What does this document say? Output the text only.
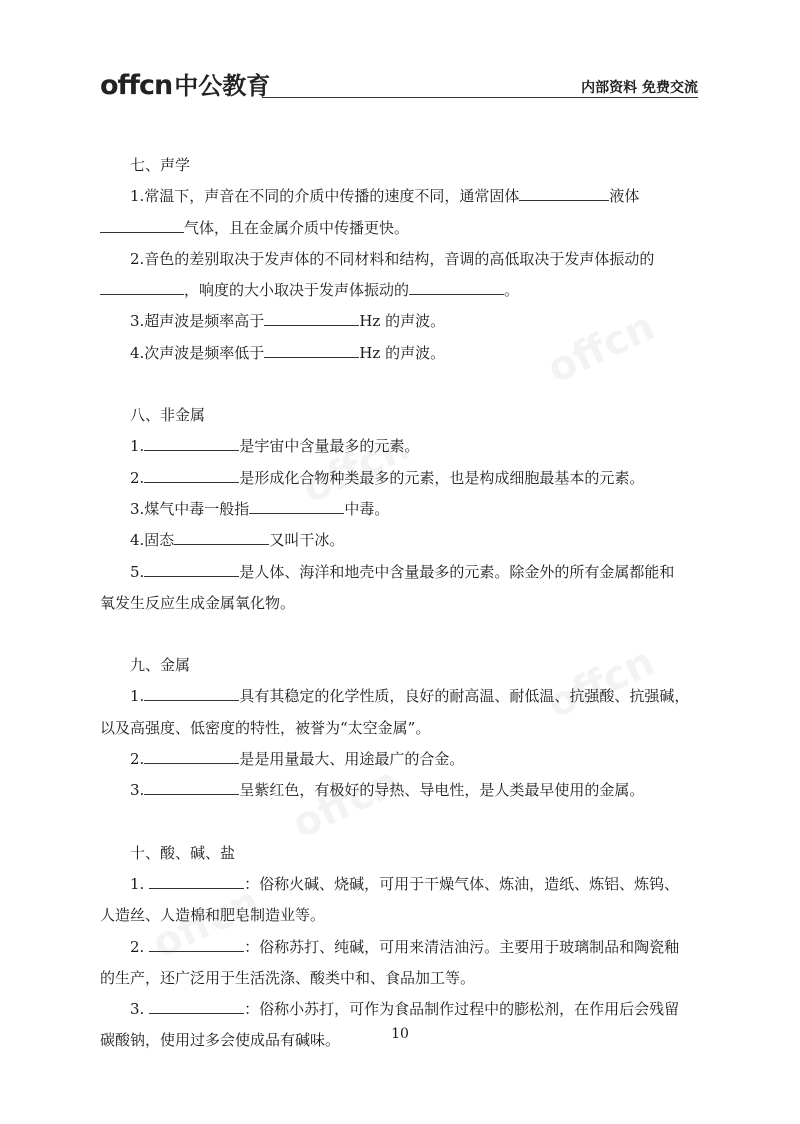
offcn中公教育	内部资料 免费交流

七、声学

1.常温下，声音在不同的介质中传播的速度不同，通常固体	液体

气体，且在金属介质中传播更快。

2.音色的差别取决于发声体的不同材料和结构，音调的高低取决于发声体振动的

，响度的大小取决于发声体振动的	。

3.超声波是频率高于	Hz 的声波。

4.次声波是频率低于	Hz 的声波。

八、非金属

1.	是宇宙中含量最多的元素。

2.	是形成化合物种类最多的元素，也是构成细胞最基本的元素。

3.煤气中毒一般指	中毒。

4.固态	又叫干冰。

5.	是人体、海洋和地壳中含量最多的元素。除金外的所有金属都能和

氧发生反应生成金属氧化物。

九、金属

1.	具有其稳定的化学性质，良好的耐高温、耐低温、抗强酸、抗强碱，

以及高强度、低密度的特性，被誉为“太空金属”。

2.	是是用量最大、用途最广的合金。

3.	呈紫红色，有极好的导热、导电性，是人类最早使用的金属。

十、酸、碱、盐

1.	：俗称火碱、烧碱，可用于干燥气体、炼油，造纸、炼铝、炼钨、

人造丝、人造棉和肥皂制造业等。

2.	：俗称苏打、纯碱，可用来清洁油污。主要用于玻璃制品和陶瓷釉

的生产，还广泛用于生活洗涤、酸类中和、食品加工等。

3.	：俗称小苏打，可作为食品制作过程中的膨松剂，在作用后会残留

碳酸钠，使用过多会使成品有碱味。	10
